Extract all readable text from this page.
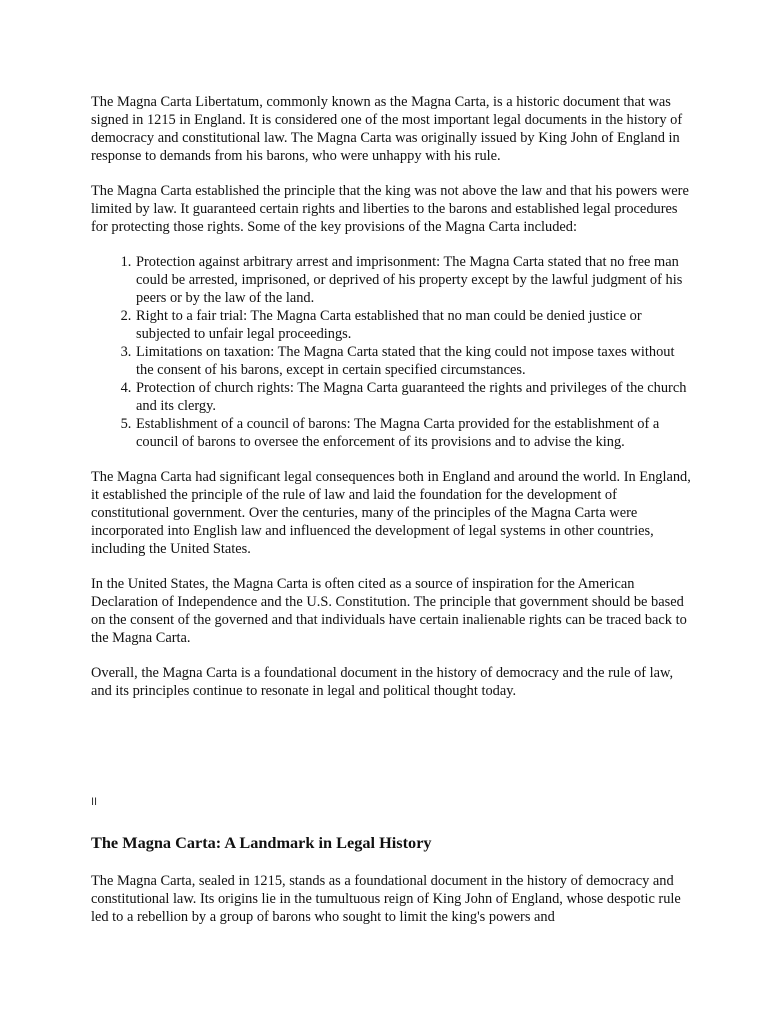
The Magna Carta Libertatum, commonly known as the Magna Carta, is a historic document that was signed in 1215 in England. It is considered one of the most important legal documents in the history of democracy and constitutional law. The Magna Carta was originally issued by King John of England in response to demands from his barons, who were unhappy with his rule.

The Magna Carta established the principle that the king was not above the law and that his powers were limited by law. It guaranteed certain rights and liberties to the barons and established legal procedures for protecting those rights. Some of the key provisions of the Magna Carta included:

1. Protection against arbitrary arrest and imprisonment: The Magna Carta stated that no free man could be arrested, imprisoned, or deprived of his property except by the lawful judgment of his peers or by the law of the land.
2. Right to a fair trial: The Magna Carta established that no man could be denied justice or subjected to unfair legal proceedings.
3. Limitations on taxation: The Magna Carta stated that the king could not impose taxes without the consent of his barons, except in certain specified circumstances.
4. Protection of church rights: The Magna Carta guaranteed the rights and privileges of the church and its clergy.
5. Establishment of a council of barons: The Magna Carta provided for the establishment of a council of barons to oversee the enforcement of its provisions and to advise the king.

The Magna Carta had significant legal consequences both in England and around the world. In England, it established the principle of the rule of law and laid the foundation for the development of constitutional government. Over the centuries, many of the principles of the Magna Carta were incorporated into English law and influenced the development of legal systems in other countries, including the United States.

In the United States, the Magna Carta is often cited as a source of inspiration for the American Declaration of Independence and the U.S. Constitution. The principle that government should be based on the consent of the governed and that individuals have certain inalienable rights can be traced back to the Magna Carta.

Overall, the Magna Carta is a foundational document in the history of democracy and the rule of law, and its principles continue to resonate in legal and political thought today.

II
The Magna Carta: A Landmark in Legal History

The Magna Carta, sealed in 1215, stands as a foundational document in the history of democracy and constitutional law. Its origins lie in the tumultuous reign of King John of England, whose despotic rule led to a rebellion by a group of barons who sought to limit the king's powers and
